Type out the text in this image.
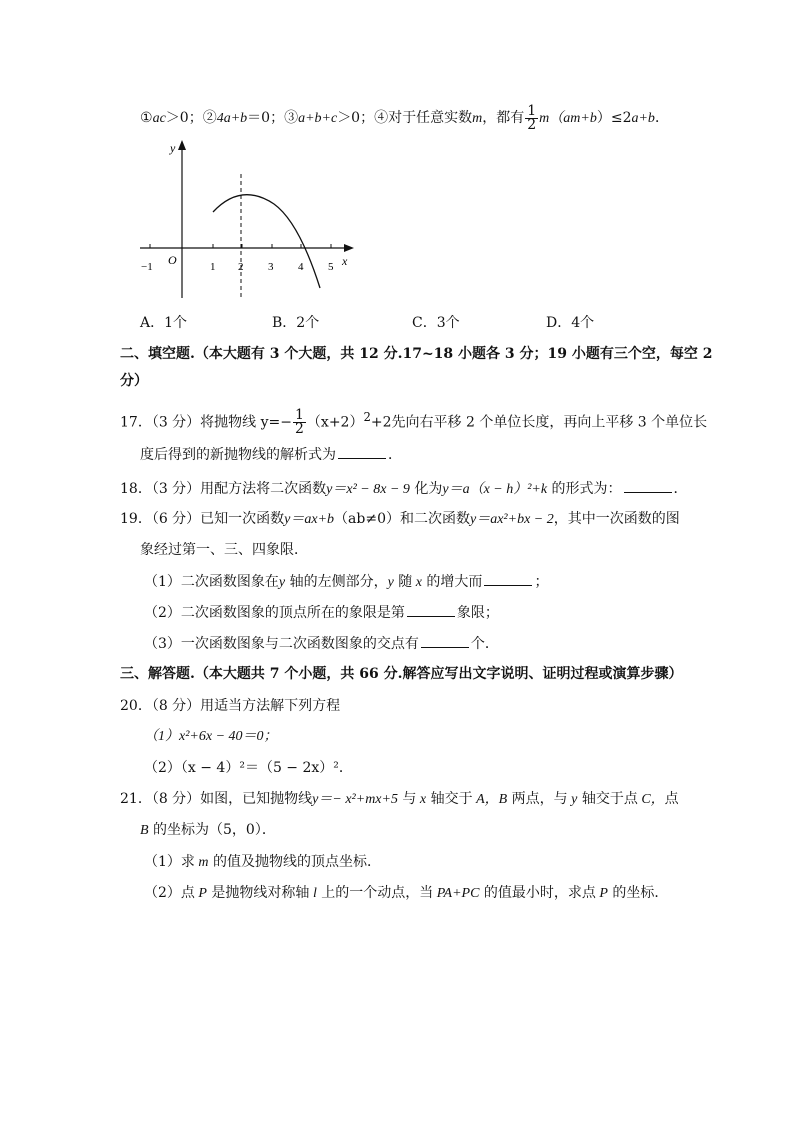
①ac＞0；②4a+b＝0；③a+b+c＞0；④对于任意实数m，都有 $\frac{1}{2} m(am+b)\le 2a+b$．
y
x
O
−1	1 2 3 4 5
A．1个	B．2个	C．3个	D．4个
二、填空题.（本大题有 3 个大题，共 12 分.17~18 小题各 3 分；19 小题有三个空，每空 2
分）
17．（3 分）将抛物线 $y=- \frac{1}{2} (x+2)^2+2$先向右平移 2 个单位长度，再向上平移 3 个单位长
度后得到的新抛物线的解析式为	．
18．（3 分）用配方法将二次函数y＝x² − 8x − 9 化为y＝a（x − h）²+k 的形式为：	．
19．（6 分）已知一次函数y＝ax+b（ab≠0）和二次函数y＝ax²+bx − 2，其中一次函数的图
象经过第一、三、四象限．
（1）二次函数图象在y 轴的左侧部分，y 随 x 的增大而	；
（2）二次函数图象的顶点所在的象限是第	象限；
（3）一次函数图象与二次函数图象的交点有	个．
三、解答题.（本大题共 7 个小题，共 66 分.解答应写出文字说明、证明过程或演算步骤）
20．（8 分）用适当方法解下列方程
（1）x²+6x − 40＝0；
（2）（x − 4）²＝（5 − 2x）²．
21．（8 分）如图，已知抛物线y＝− x²+mx+5 与 x 轴交于 A，B 两点，与 y 轴交于点 C，点
B 的坐标为（5，0）．
（1）求 m 的值及抛物线的顶点坐标．
（2）点 P 是抛物线对称轴 l 上的一个动点，当 PA+PC 的值最小时，求点 P 的坐标．
